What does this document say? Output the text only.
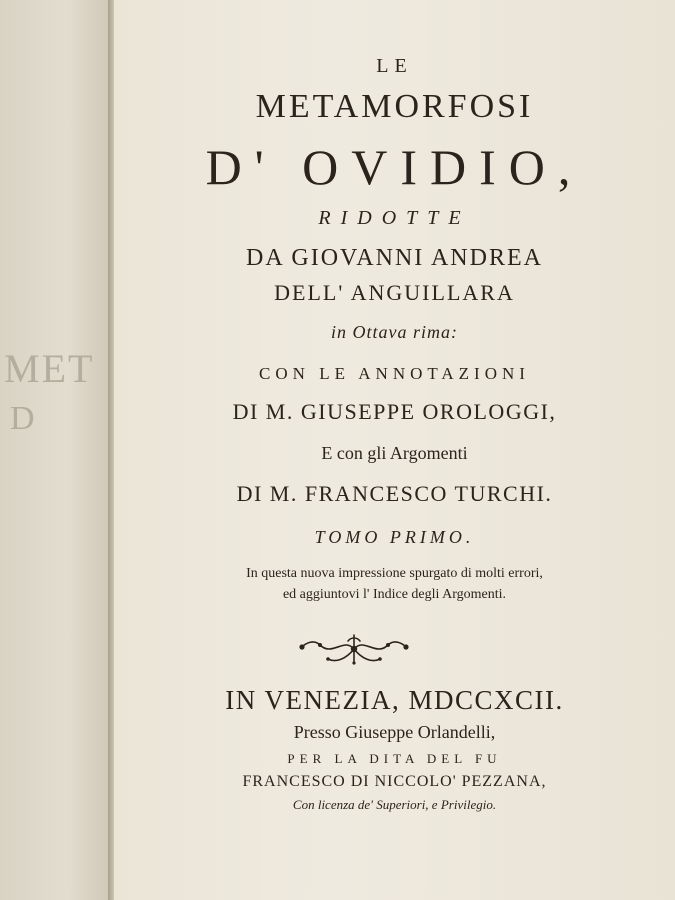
MET
D
LE
METAMORFOSI
D' OVIDIO,
RIDOTTE
DA GIOVANNI ANDREA
DELL' ANGUILLARA
in Ottava rima:
CON LE ANNOTAZIONI
DI M. GIUSEPPE OROLOGGI,
E con gli Argomenti
DI M. FRANCESCO TURCHI.
TOMO PRIMO.
In questa nuova impressione spurgato di molti errori,
ed aggiuntovi l' Indice degli Argomenti.
IN VENEZIA, MDCCXCII.
Presso Giuseppe Orlandelli,
PER LA DITA DEL FU
FRANCESCO DI NICCOLO' PEZZANA,
Con licenza de' Superiori, e Privilegio.
